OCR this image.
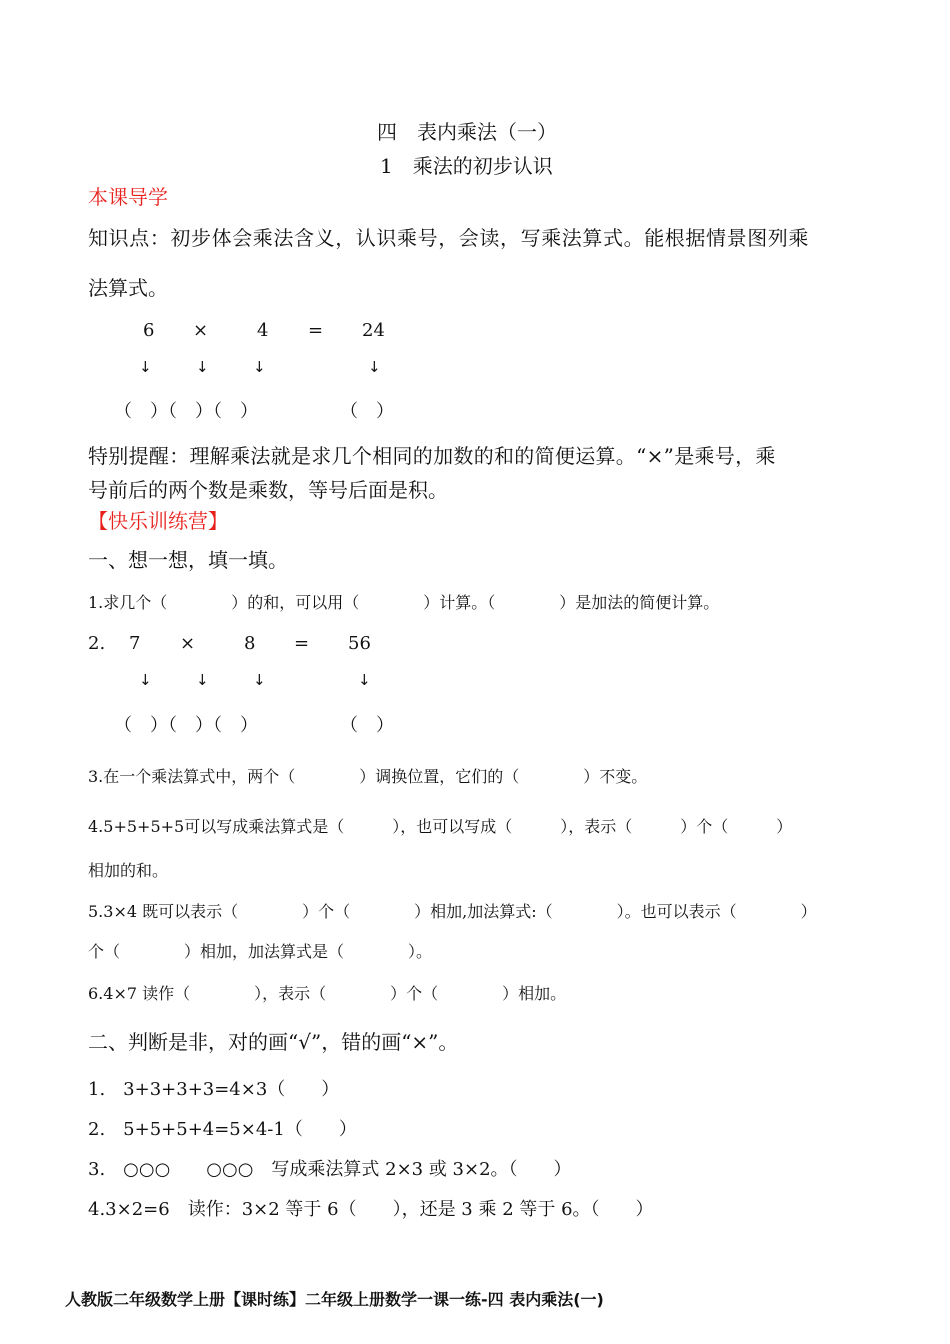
四　表内乘法（一）
1　乘法的初步认识
本课导学
知识点：初步体会乘法含义，认识乘号，会读，写乘法算式。能根据情景图列乘
法算式。
6 ×	4 = 24
↓	↓	↓	↓
（　）（　）（　）	（　）
特别提醒：理解乘法就是求几个相同的加数的和的简便运算。“×”是乘号，乘
号前后的两个数是乘数，等号后面是积。
【快乐训练营】
一、想一想，填一填。
1.求几个（　　　　）的和，可以用（　　　　）计算。（　　　　）是加法的简便计算。
2. 7 ×	8 = 56
↓	↓	↓	↓
（　）（　）（　）	（　）
3.在一个乘法算式中，两个（　　　　）调换位置，它们的（　　　　）不变。
4.5+5+5+5可以写成乘法算式是（　　　），也可以写成（　　　），表示（　　　）个（　　　）
相加的和。
5.3×4 既可以表示（　　　　）个（　　　　）相加,加法算式:（　　　　）。也可以表示（　　　　）
个（　　　　）相加，加法算式是（　　　　）。
6.4×7 读作（　　　　），表示（　　　　）个（　　　　）相加。
二、判断是非，对的画“√”，错的画“×”。
1.　3+3+3+3=4×3（　　）
2.　5+5+5+4=5×4-1（　　）
3.　○○○　　○○○　写成乘法算式 2×3 或 3×2。（　　）
4.3×2=6　读作：3×2 等于 6（　　），还是 3 乘 2 等于 6。（　　）
人教版二年级数学上册【课时练】二年级上册数学一课一练-四 表内乘法(一)
